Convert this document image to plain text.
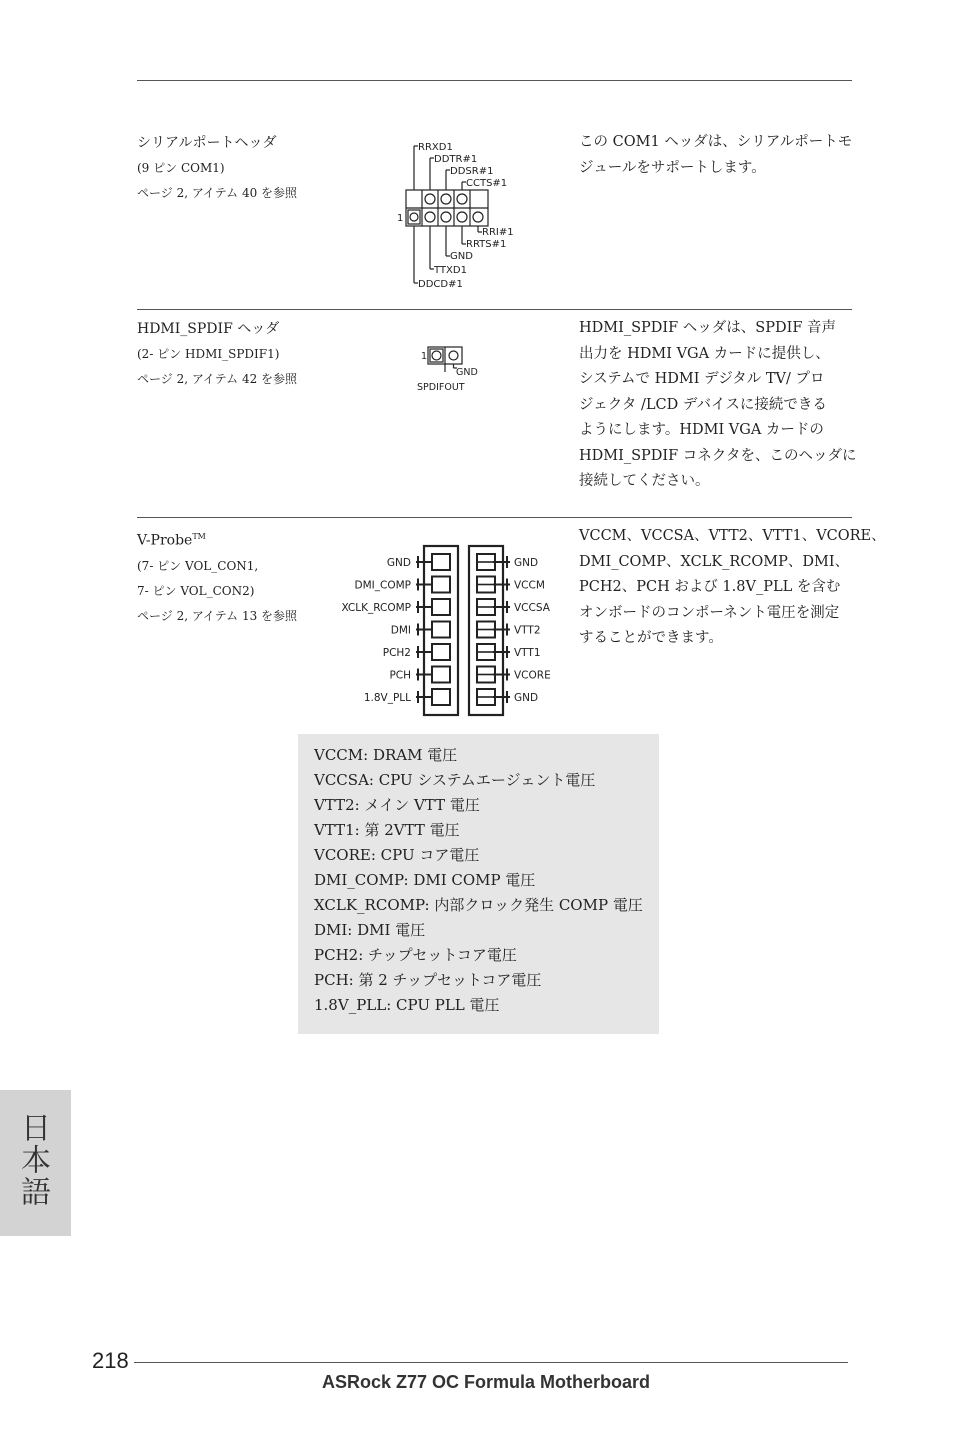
シリアルポートヘッダ
(9 ピン COM1)
ページ 2, アイテム 40 を参照
この COM1 ヘッダは、シリアルポートモ
ジュールをサポートします。
RRXD1
DDTR#1
DDSR#1
CCTS#1
1
RRI#1
RRTS#1
GND
TTXD1
DDCD#1
HDMI_SPDIF ヘッダ
(2- ピン HDMI_SPDIF1)
ページ 2, アイテム 42 を参照
HDMI_SPDIF ヘッダは、SPDIF 音声
出力を HDMI VGA カードに提供し、
システムで HDMI デジタル TV/ プロ
ジェクタ /LCD デバイスに接続できる
ようにします。HDMI VGA カードの
HDMI_SPDIF コネクタを、このヘッダに
接続してください。
1
GND
SPDIFOUT
V-Probe™
(7- ピン VOL_CON1,
7- ピン VOL_CON2)
ページ 2, アイテム 13 を参照
VCCM、VCCSA、VTT2、VTT1、VCORE、
DMI_COMP、XCLK_RCOMP、DMI、
PCH2、PCH および 1.8V_PLL を含む
オンボードのコンポーネント電圧を測定
することができます。
GND	GND
DMI_COMP	VCCM
XCLK_RCOMP	VCCSA
DMI	VTT2
PCH2	VTT1
PCH	VCORE
1.8V_PLL	GND
VCCM: DRAM 電圧
VCCSA: CPU システムエージェント電圧
VTT2: メイン VTT 電圧
VTT1: 第 2VTT 電圧
VCORE: CPU コア電圧
DMI_COMP: DMI COMP 電圧
XCLK_RCOMP: 内部クロック発生 COMP 電圧
DMI: DMI 電圧
PCH2: チップセットコア電圧
PCH: 第 2 チップセットコア電圧
1.8V_PLL: CPU PLL 電圧
日本語
218
ASRock Z77 OC Formula Motherboard
